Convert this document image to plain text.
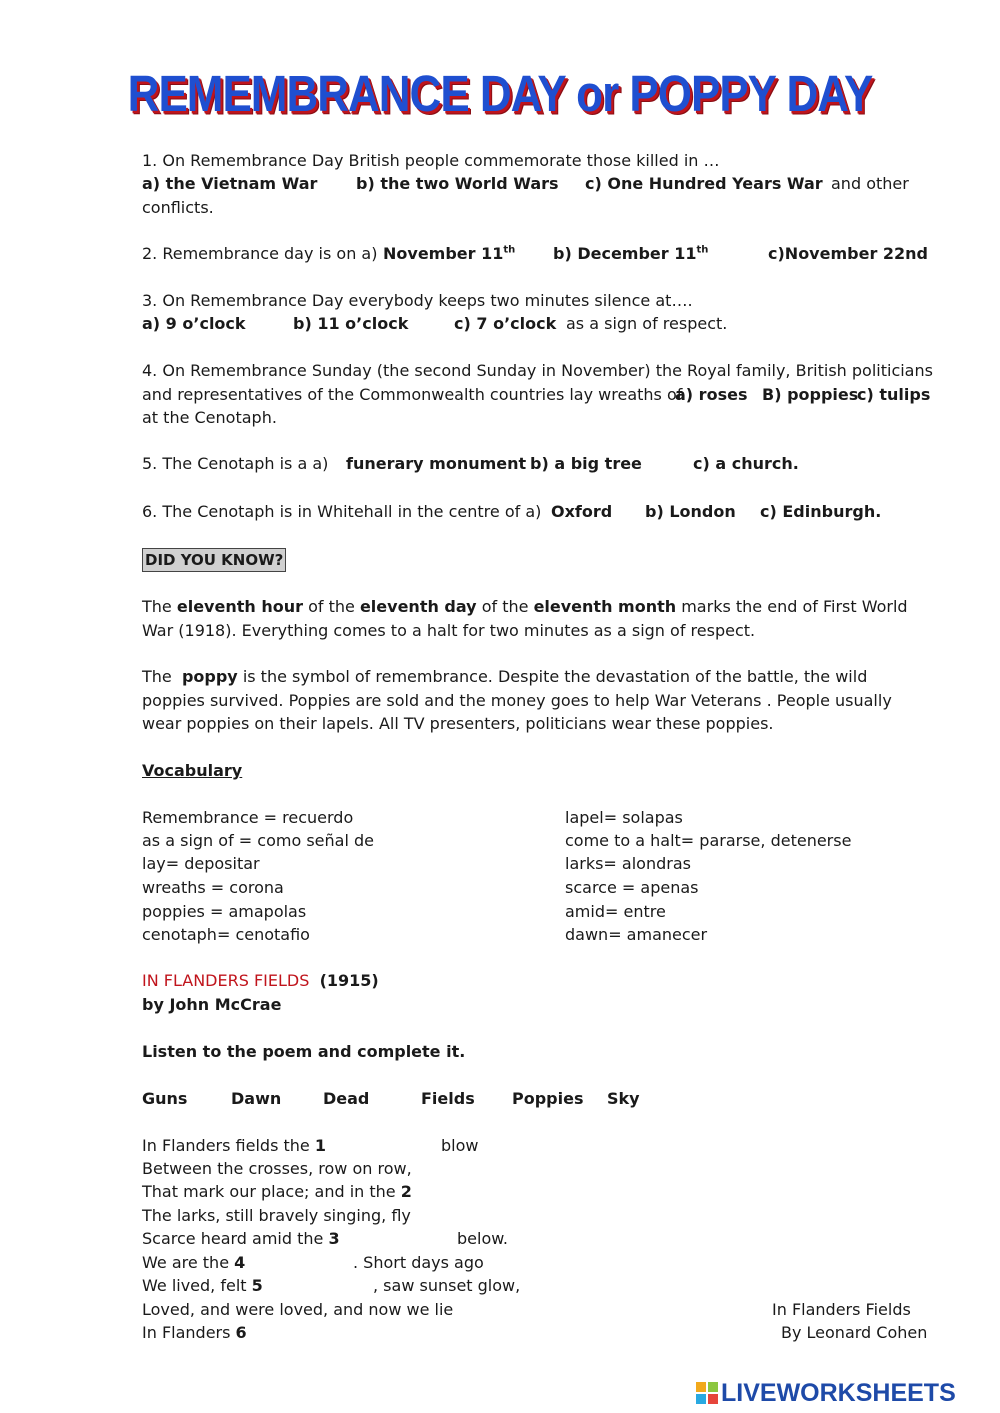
REMEMBRANCE DAY or POPPY DAY
1. On Remembrance Day British people commemorate those killed in …
a) the Vietnam War b) the two World Wars c) One Hundred Years War and other
conflicts.
2. Remembrance day is on a) November 11th b) December 11th	c)November 22nd
3. On Remembrance Day everybody keeps two minutes silence at….
a) 9 o’clock	b) 11 o’clock	c) 7 o’clock as a sign of respect.
4. On Remembrance Sunday (the second Sunday in November) the Royal family, British politicians
and representatives of the Commonwealth countries lay wreaths of
a) roses B) poppies
c) tulips
at the Cenotaph.
5. The Cenotaph is a a) funerary monument b) a big tree	c) a church.
6. The Cenotaph is in Whitehall in the centre of a) Oxford b) London c) Edinburgh.
DID YOU KNOW?
The eleventh hour of the eleventh day of the eleventh month marks the end of First World
War (1918). Everything comes to a halt for two minutes as a sign of respect.
The poppy is the symbol of remembrance. Despite the devastation of the battle, the wild
poppies survived. Poppies are sold and the money goes to help War Veterans . People usually
wear poppies on their lapels. All TV presenters, politicians wear these poppies.
Vocabulary
Remembrance = recuerdo
as a sign of = como señal de
lay= depositar
wreaths = corona
poppies = amapolas
cenotaph= cenotafio
lapel= solapas
come to a halt= pararse, detenerse
larks= alondras
scarce = apenas
amid= entre
dawn= amanecer
IN FLANDERS FIELDS (1915)
by John McCrae
Listen to the poem and complete it.
Guns	Dawn	Dead	Fields Poppies Sky
In Flanders fields the 1	blow
Between the crosses, row on row,
That mark our place; and in the 2
The larks, still bravely singing, fly
Scarce heard amid the 3	below.
We are the 4	. Short days ago
We lived, felt 5	, saw sunset glow,
Loved, and were loved, and now we lie
In Flanders 6
In Flanders Fields
By Leonard Cohen
LIVEWORKSHEETS
